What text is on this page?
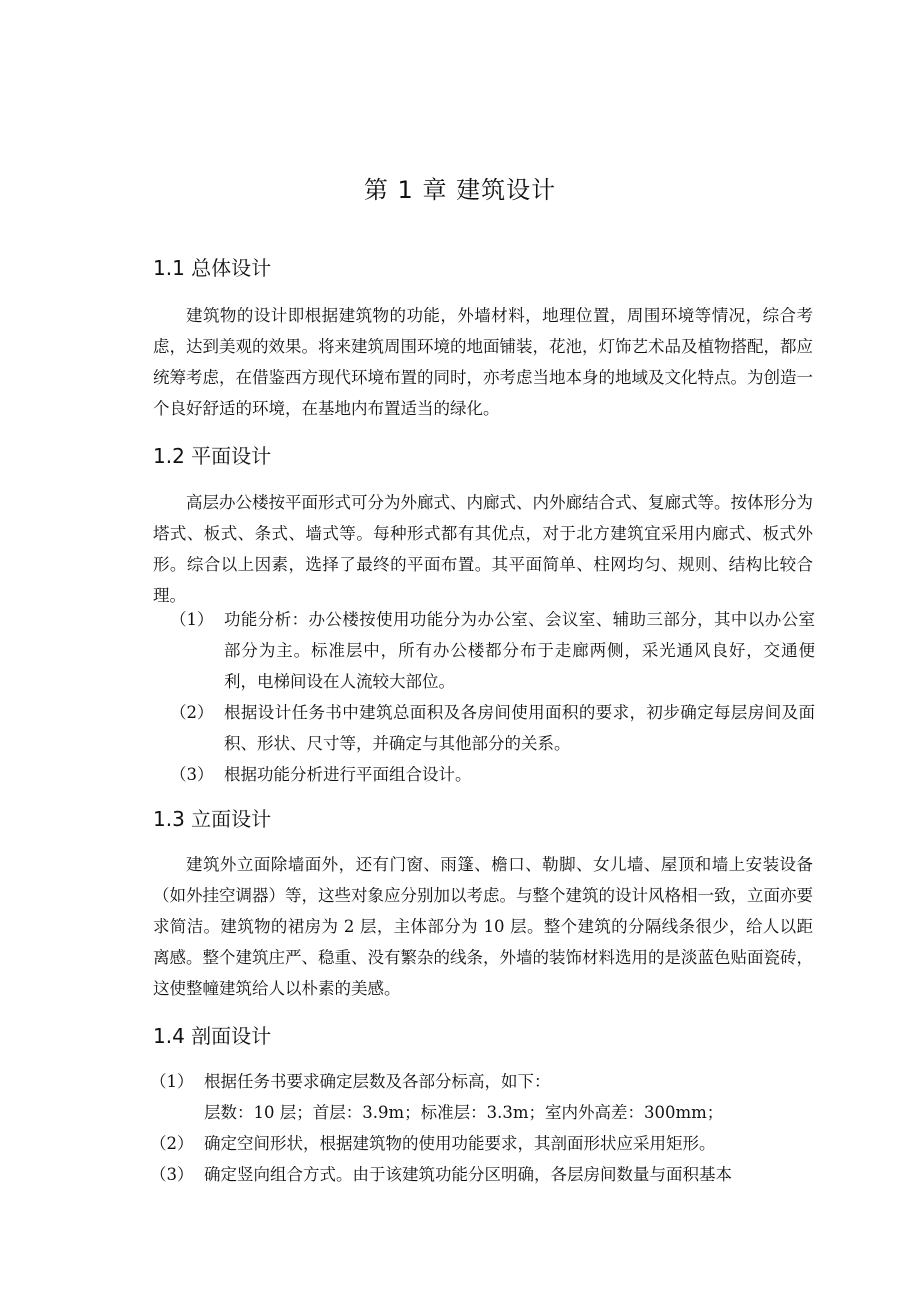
第 1 章 建筑设计
1.1 总体设计
建筑物的设计即根据建筑物的功能，外墙材料，地理位置，周围环境等情况，综合考虑，达到美观的效果。将来建筑周围环境的地面铺装，花池，灯饰艺术品及植物搭配，都应统筹考虑，在借鉴西方现代环境布置的同时，亦考虑当地本身的地域及文化特点。为创造一个良好舒适的环境，在基地内布置适当的绿化。
1.2 平面设计
高层办公楼按平面形式可分为外廊式、内廊式、内外廊结合式、复廊式等。按体形分为塔式、板式、条式、墙式等。每种形式都有其优点，对于北方建筑宜采用内廊式、板式外形。综合以上因素，选择了最终的平面布置。其平面简单、柱网均匀、规则、结构比较合理。
（1） 功能分析：办公楼按使用功能分为办公室、会议室、辅助三部分，其中以办公室部分为主。标准层中，所有办公楼都分布于走廊两侧，采光通风良好，交通便利，电梯间设在人流较大部位。
（2） 根据设计任务书中建筑总面积及各房间使用面积的要求，初步确定每层房间及面积、形状、尺寸等，并确定与其他部分的关系。
（3） 根据功能分析进行平面组合设计。
1.3 立面设计
建筑外立面除墙面外，还有门窗、雨篷、檐口、勒脚、女儿墙、屋顶和墙上安装设备（如外挂空调器）等，这些对象应分别加以考虑。与整个建筑的设计风格相一致，立面亦要求简洁。建筑物的裙房为 2 层，主体部分为 10 层。整个建筑的分隔线条很少，给人以距离感。整个建筑庄严、稳重、没有繁杂的线条，外墙的装饰材料选用的是淡蓝色贴面瓷砖，这使整幢建筑给人以朴素的美感。
1.4 剖面设计
（1） 根据任务书要求确定层数及各部分标高，如下：
层数：10 层；首层：3.9m；标准层：3.3m；室内外高差：300mm；
（2） 确定空间形状，根据建筑物的使用功能要求，其剖面形状应采用矩形。
（3） 确定竖向组合方式。由于该建筑功能分区明确，各层房间数量与面积基本
